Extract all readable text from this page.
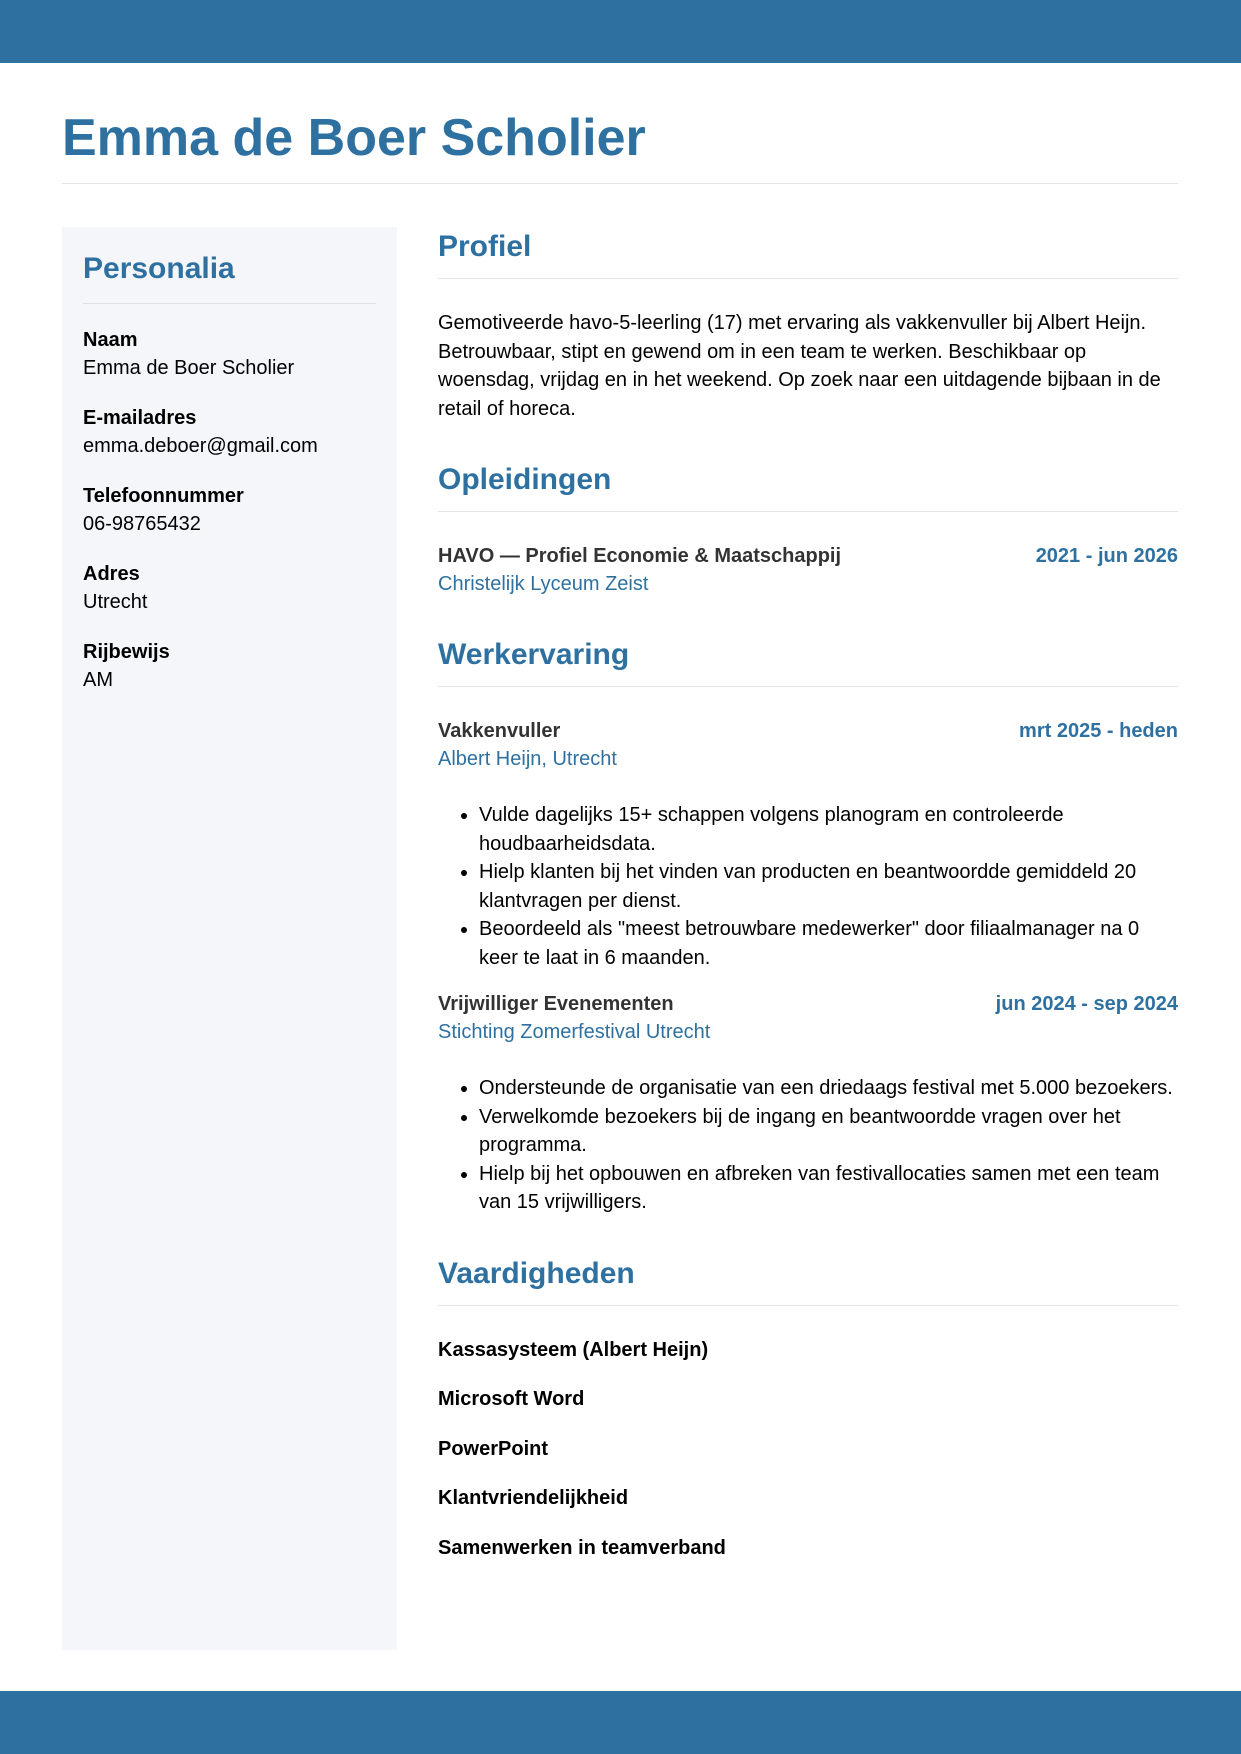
Emma de Boer Scholier
Personalia
Naam
Emma de Boer Scholier
E-mailadres
emma.deboer@gmail.com
Telefoonnummer
06-98765432
Adres
Utrecht
Rijbewijs
AM
Profiel

Gemotiveerde havo-5-leerling (17) met ervaring als vakkenvuller bij Albert Heijn. Betrouwbaar, stipt en gewend om in een team te werken. Beschikbaar op woensdag, vrijdag en in het weekend. Op zoek naar een uitdagende bijbaan in de retail of horeca.

Opleidingen
HAVO — Profiel Economie & Maatschappij	2021 - jun 2026
Christelijk Lyceum Zeist
Werkervaring
Vakkenvuller	mrt 2025 - heden
Albert Heijn, Utrecht
• Vulde dagelijks 15+ schappen volgens planogram en controleerde houdbaarheidsdata.
• Hielp klanten bij het vinden van producten en beantwoordde gemiddeld 20 klantvragen per dienst.
• Beoordeeld als "meest betrouwbare medewerker" door filiaalmanager na 0 keer te laat in 6 maanden.
Vrijwilliger Evenementen	jun 2024 - sep 2024
Stichting Zomerfestival Utrecht
• Ondersteunde de organisatie van een driedaags festival met 5.000 bezoekers.
• Verwelkomde bezoekers bij de ingang en beantwoordde vragen over het programma.
• Hielp bij het opbouwen en afbreken van festivallocaties samen met een team van 15 vrijwilligers.
Vaardigheden
Kassasysteem (Albert Heijn)
Microsoft Word
PowerPoint
Klantvriendelijkheid
Samenwerken in teamverband
